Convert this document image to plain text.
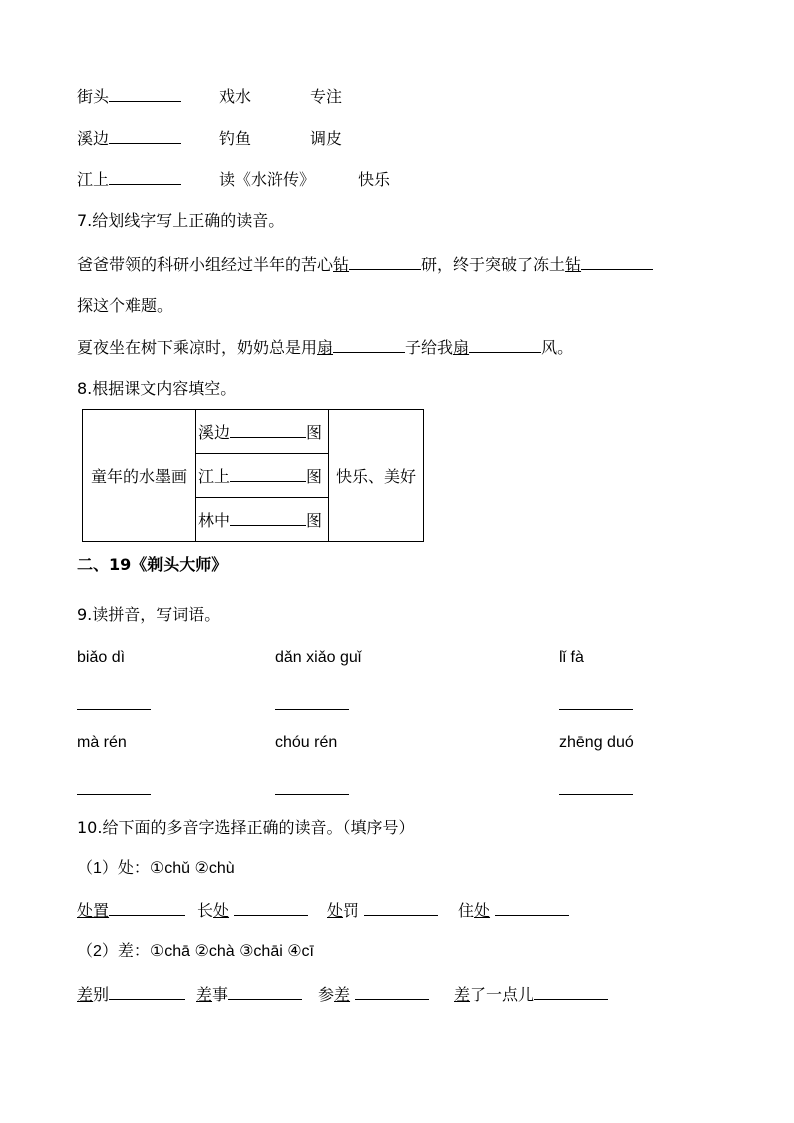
街头	戏水	专注
溪边	钓鱼	调皮
江上	读《水浒传》	快乐
7.给划线字写上正确的读音。
爸爸带领的科研小组经过半年的苦心钻	研，终于突破了冻土钻
探这个难题。
夏夜坐在树下乘凉时，奶奶总是用扇	子给我扇	风。
8.根据课文内容填空。
童年的水墨画	溪边	图	快乐、美好
江上	图
林中	图
二、19《剃头大师》
9.读拼音，写词语。
biǎo dì	dǎn xiǎo guǐ	lǐ fà
mà rén	chóu rén	zhēng duó
10.给下面的多音字选择正确的读音。（填序号）
（1）处：①chǔ ②chù
处置	长处	处罚	住处
（2）差：①chā ②chà ③chāi ④cī
差别	差事	参差	差了一点儿
